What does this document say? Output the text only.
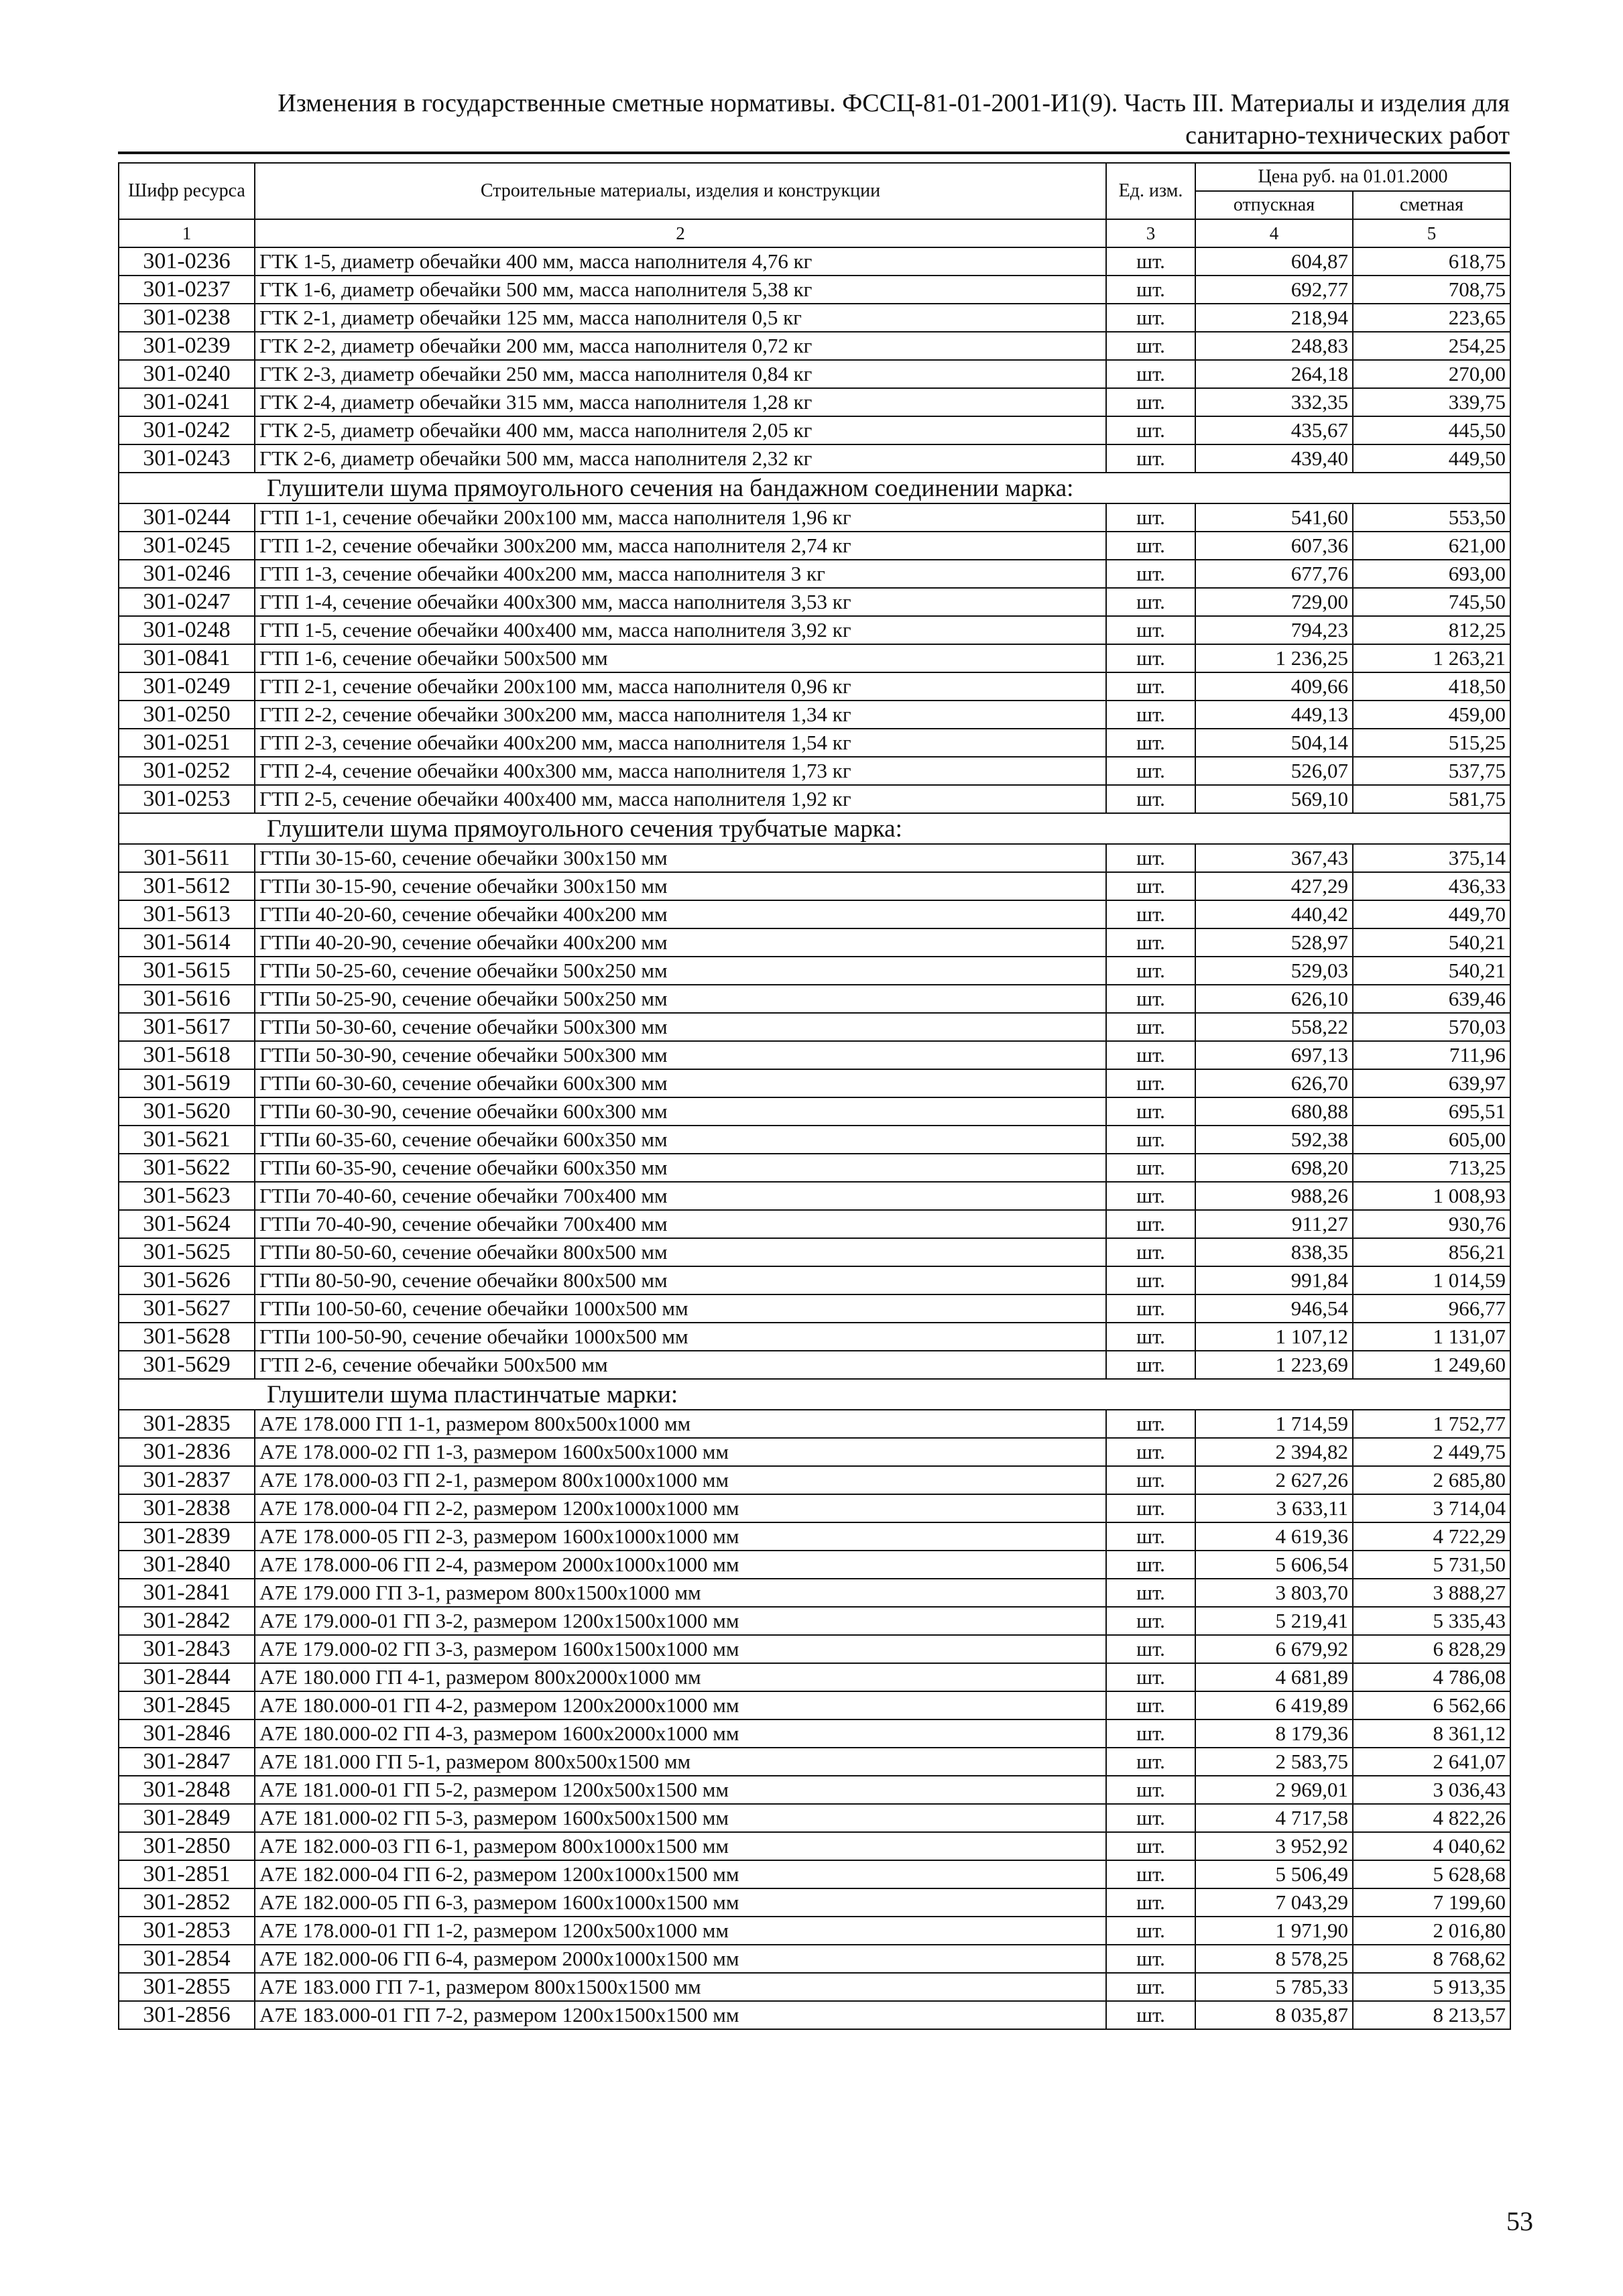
Изменения в государственные сметные нормативы. ФССЦ-81-01-2001-И1(9). Часть III. Материалы и изделия для
санитарно-технических работ
Шифр ресурса	Строительные материалы, изделия и конструкции	Ед. изм.	Цена руб. на 01.01.2000	
			отпускная	сметная
1	2	3	4	5
301-0236	ГТК 1-5, диаметр обечайки 400 мм, масса наполнителя 4,76 кг	шт.	604,87	618,75
301-0237	ГТК 1-6, диаметр обечайки 500 мм, масса наполнителя 5,38 кг	шт.	692,77	708,75
301-0238	ГТК 2-1, диаметр обечайки 125 мм, масса наполнителя 0,5 кг	шт.	218,94	223,65
301-0239	ГТК 2-2, диаметр обечайки 200 мм, масса наполнителя 0,72 кг	шт.	248,83	254,25
301-0240	ГТК 2-3, диаметр обечайки 250 мм, масса наполнителя 0,84 кг	шт.	264,18	270,00
301-0241	ГТК 2-4, диаметр обечайки 315 мм, масса наполнителя 1,28 кг	шт.	332,35	339,75
301-0242	ГТК 2-5, диаметр обечайки 400 мм, масса наполнителя 2,05 кг	шт.	435,67	445,50
301-0243	ГТК 2-6, диаметр обечайки 500 мм, масса наполнителя 2,32 кг	шт.	439,40	449,50
Глушители шума прямоугольного сечения на бандажном соединении марка:				
301-0244	ГТП 1-1, сечение обечайки 200x100 мм, масса наполнителя 1,96 кг	шт.	541,60	553,50
301-0245	ГТП 1-2, сечение обечайки 300x200 мм, масса наполнителя 2,74 кг	шт.	607,36	621,00
301-0246	ГТП 1-3, сечение обечайки 400x200 мм, масса наполнителя 3 кг	шт.	677,76	693,00
301-0247	ГТП 1-4, сечение обечайки 400x300 мм, масса наполнителя 3,53 кг	шт.	729,00	745,50
301-0248	ГТП 1-5, сечение обечайки 400x400 мм, масса наполнителя 3,92 кг	шт.	794,23	812,25
301-0841	ГТП 1-6, сечение обечайки 500x500 мм	шт.	1 236,25	1 263,21
301-0249	ГТП 2-1, сечение обечайки 200x100 мм, масса наполнителя 0,96 кг	шт.	409,66	418,50
301-0250	ГТП 2-2, сечение обечайки 300x200 мм, масса наполнителя 1,34 кг	шт.	449,13	459,00
301-0251	ГТП 2-3, сечение обечайки 400x200 мм, масса наполнителя 1,54 кг	шт.	504,14	515,25
301-0252	ГТП 2-4, сечение обечайки 400x300 мм, масса наполнителя 1,73 кг	шт.	526,07	537,75
301-0253	ГТП 2-5, сечение обечайки 400x400 мм, масса наполнителя 1,92 кг	шт.	569,10	581,75
Глушители шума прямоугольного сечения трубчатые марка:				
301-5611	ГТПи 30-15-60, сечение обечайки 300x150 мм	шт.	367,43	375,14
301-5612	ГТПи 30-15-90, сечение обечайки 300x150 мм	шт.	427,29	436,33
301-5613	ГТПи 40-20-60, сечение обечайки 400x200 мм	шт.	440,42	449,70
301-5614	ГТПи 40-20-90, сечение обечайки 400x200 мм	шт.	528,97	540,21
301-5615	ГТПи 50-25-60, сечение обечайки 500x250 мм	шт.	529,03	540,21
301-5616	ГТПи 50-25-90, сечение обечайки 500x250 мм	шт.	626,10	639,46
301-5617	ГТПи 50-30-60, сечение обечайки 500x300 мм	шт.	558,22	570,03
301-5618	ГТПи 50-30-90, сечение обечайки 500x300 мм	шт.	697,13	711,96
301-5619	ГТПи 60-30-60, сечение обечайки 600x300 мм	шт.	626,70	639,97
301-5620	ГТПи 60-30-90, сечение обечайки 600x300 мм	шт.	680,88	695,51
301-5621	ГТПи 60-35-60, сечение обечайки 600x350 мм	шт.	592,38	605,00
301-5622	ГТПи 60-35-90, сечение обечайки 600x350 мм	шт.	698,20	713,25
301-5623	ГТПи 70-40-60, сечение обечайки 700x400 мм	шт.	988,26	1 008,93
301-5624	ГТПи 70-40-90, сечение обечайки 700x400 мм	шт.	911,27	930,76
301-5625	ГТПи 80-50-60, сечение обечайки 800x500 мм	шт.	838,35	856,21
301-5626	ГТПи 80-50-90, сечение обечайки 800x500 мм	шт.	991,84	1 014,59
301-5627	ГТПи 100-50-60, сечение обечайки 1000x500 мм	шт.	946,54	966,77
301-5628	ГТПи 100-50-90, сечение обечайки 1000x500 мм	шт.	1 107,12	1 131,07
301-5629	ГТП 2-6, сечение обечайки 500x500 мм	шт.	1 223,69	1 249,60
Глушители шума пластинчатые марки:				
301-2835	А7Е 178.000 ГП 1-1, размером 800x500x1000 мм	шт.	1 714,59	1 752,77
301-2836	А7Е 178.000-02 ГП 1-3, размером 1600x500x1000 мм	шт.	2 394,82	2 449,75
301-2837	А7Е 178.000-03 ГП 2-1, размером 800x1000x1000 мм	шт.	2 627,26	2 685,80
301-2838	А7Е 178.000-04 ГП 2-2, размером 1200x1000x1000 мм	шт.	3 633,11	3 714,04
301-2839	А7Е 178.000-05 ГП 2-3, размером 1600x1000x1000 мм	шт.	4 619,36	4 722,29
301-2840	А7Е 178.000-06 ГП 2-4, размером 2000x1000x1000 мм	шт.	5 606,54	5 731,50
301-2841	А7Е 179.000 ГП 3-1, размером 800x1500x1000 мм	шт.	3 803,70	3 888,27
301-2842	А7Е 179.000-01 ГП 3-2, размером 1200x1500x1000 мм	шт.	5 219,41	5 335,43
301-2843	А7Е 179.000-02 ГП 3-3, размером 1600x1500x1000 мм	шт.	6 679,92	6 828,29
301-2844	А7Е 180.000 ГП 4-1, размером 800x2000x1000 мм	шт.	4 681,89	4 786,08
301-2845	А7Е 180.000-01 ГП 4-2, размером 1200x2000x1000 мм	шт.	6 419,89	6 562,66
301-2846	А7Е 180.000-02 ГП 4-3, размером 1600x2000x1000 мм	шт.	8 179,36	8 361,12
301-2847	А7Е 181.000 ГП 5-1, размером 800x500x1500 мм	шт.	2 583,75	2 641,07
301-2848	А7Е 181.000-01 ГП 5-2, размером 1200x500x1500 мм	шт.	2 969,01	3 036,43
301-2849	А7Е 181.000-02 ГП 5-3, размером 1600x500x1500 мм	шт.	4 717,58	4 822,26
301-2850	А7Е 182.000-03 ГП 6-1, размером 800x1000x1500 мм	шт.	3 952,92	4 040,62
301-2851	А7Е 182.000-04 ГП 6-2, размером 1200x1000x1500 мм	шт.	5 506,49	5 628,68
301-2852	А7Е 182.000-05 ГП 6-3, размером 1600x1000x1500 мм	шт.	7 043,29	7 199,60
301-2853	А7Е 178.000-01 ГП 1-2, размером 1200x500x1000 мм	шт.	1 971,90	2 016,80
301-2854	А7Е 182.000-06 ГП 6-4, размером 2000x1000x1500 мм	шт.	8 578,25	8 768,62
301-2855	А7Е 183.000 ГП 7-1, размером 800x1500x1500 мм	шт.	5 785,33	5 913,35
301-2856	А7Е 183.000-01 ГП 7-2, размером 1200x1500x1500 мм	шт.	8 035,87	8 213,57
53
